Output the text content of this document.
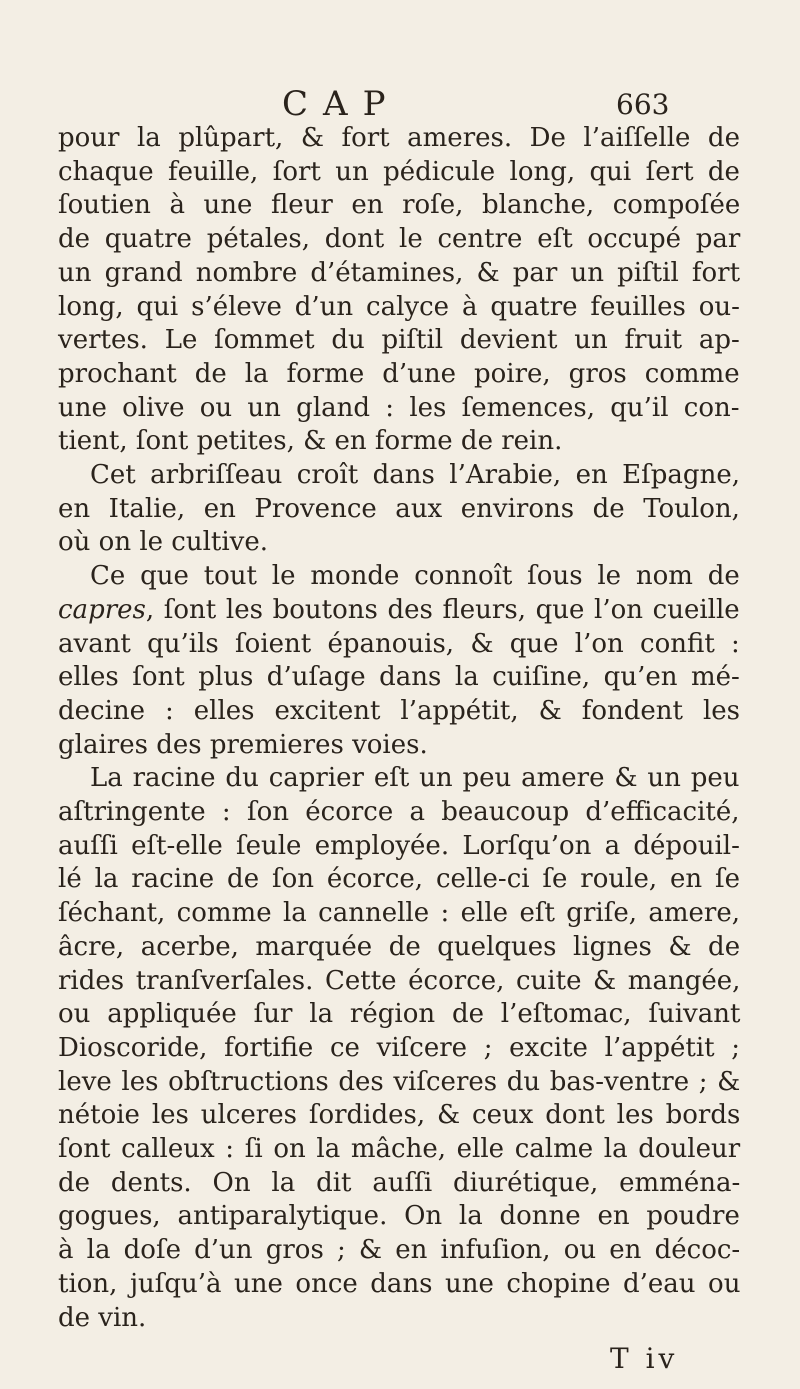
CAP	663
pour la plûpart, & fort ameres. De l’aiſſelle de
chaque feuille, ſort un pédicule long, qui ſert de
ſoutien à une fleur en roſe, blanche, compoſée
de quatre pétales, dont le centre eſt occupé par
un grand nombre d’étamines, & par un piſtil fort
long, qui s’éleve d’un calyce à quatre feuilles ou-
vertes. Le ſommet du piſtil devient un fruit ap-
prochant de la forme d’une poire, gros comme
une olive ou un gland : les ſemences, qu’il con-
tient, ſont petites, & en forme de rein.
Cet arbriſſeau croît dans l’Arabie, en Eſpagne,
en Italie, en Provence aux environs de Toulon,
où on le cultive.
Ce que tout le monde connoît ſous le nom de
capres, ſont les boutons des fleurs, que l’on cueille
avant qu’ils ſoient épanouis, & que l’on confit :
elles ſont plus d’uſage dans la cuiſine, qu’en mé-
decine : elles excitent l’appétit, & fondent les
glaires des premieres voies.
La racine du caprier eſt un peu amere & un peu
aſtringente : ſon écorce a beaucoup d’efficacité,
auſſi eſt-elle ſeule employée. Lorſqu’on a dépouil-
lé la racine de ſon écorce, celle-ci ſe roule, en ſe
ſéchant, comme la cannelle : elle eſt griſe, amere,
âcre, acerbe, marquée de quelques lignes & de
rides tranſverſales. Cette écorce, cuite & mangée,
ou appliquée ſur la région de l’eſtomac, ſuivant
Dioscoride, fortifie ce viſcere ; excite l’appétit ;
leve les obſtructions des viſceres du bas-ventre ; &
nétoie les ulceres ſordides, & ceux dont les bords
ſont calleux : ſi on la mâche, elle calme la douleur
de dents. On la dit auſſi diurétique, emména-
gogues, antiparalytique. On la donne en poudre
à la doſe d’un gros ; & en infuſion, ou en décoc-
tion, juſqu’à une once dans une chopine d’eau ou
de vin.
T iv
